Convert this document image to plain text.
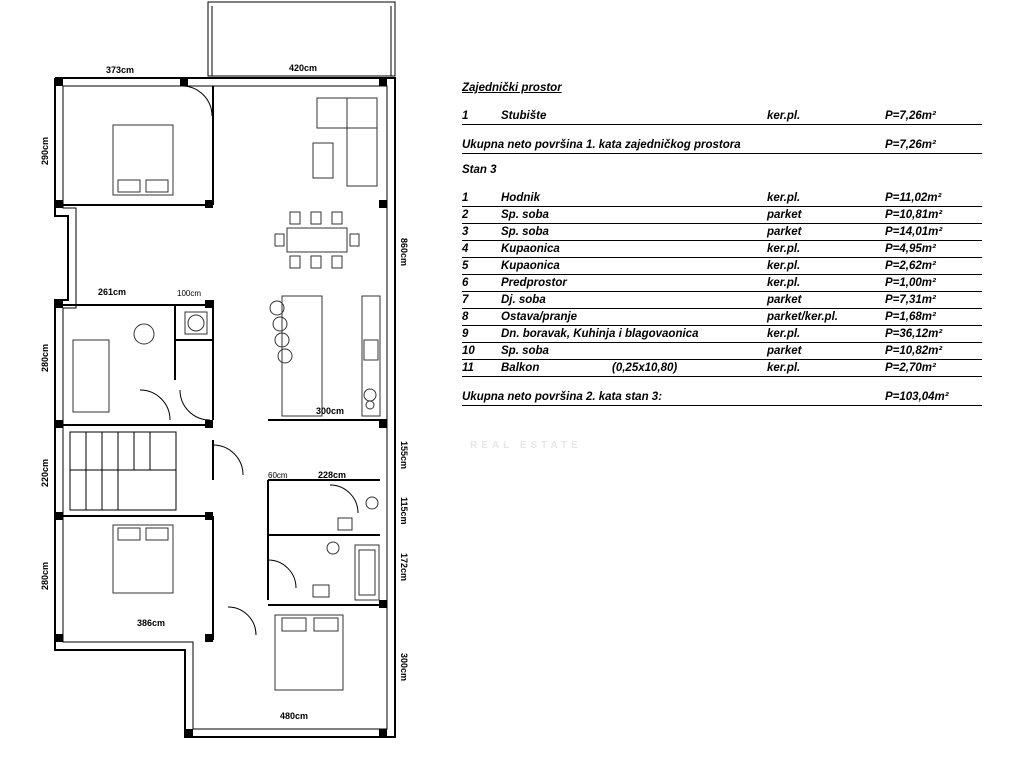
373cm	420cm
290cm
860cm
261cm	100cm
280cm
300cm
220cm
155cm
60cm	228cm
115cm
172cm
280cm
386cm
300cm
480cm
REAL ESTATE
Zajednički prostor
1	Stubište	ker.pl.	P=7,26m²
Ukupna neto površina 1. kata zajedničkog prostora	P=7,26m²
Stan 3
1	Hodnik	ker.pl.	P=11,02m²
2	Sp. soba	parket	P=10,81m²
3	Sp. soba	parket	P=14,01m²
4	Kupaonica	ker.pl.	P=4,95m²
5	Kupaonica	ker.pl.	P=2,62m²
6	Predprostor	ker.pl.	P=1,00m²
7	Dj. soba	parket	P=7,31m²
8	Ostava/pranje	parket/ker.pl.	P=1,68m²
9	Dn. boravak, Kuhinja i blagovaonica	ker.pl.	P=36,12m²
10 Sp. soba	parket	P=10,82m²
11 Balkon	(0,25x10,80)	ker.pl.	P=2,70m²
Ukupna neto površina 2. kata stan 3:	P=103,04m²
